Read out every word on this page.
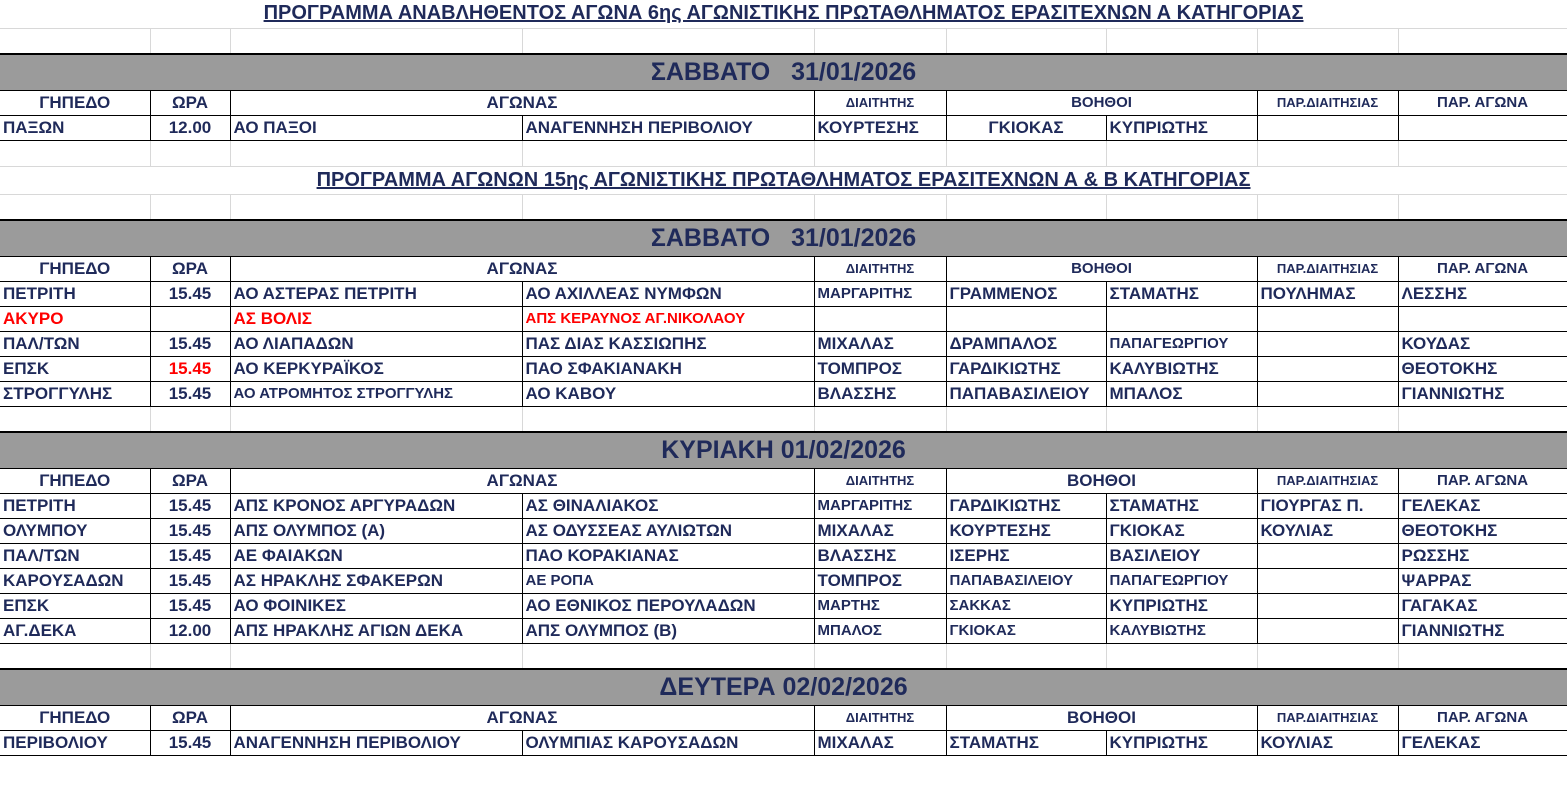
ΠΡΟΓΡΑΜΜΑ ΑΝΑΒΛΗΘΕΝΤΟΣ ΑΓΩΝΑ 6ης ΑΓΩΝΙΣΤΙΚΗΣ ΠΡΩΤΑΘΛΗΜΑΤΟΣ ΕΡΑΣΙΤΕΧΝΩΝ Α ΚΑΤΗΓΟΡΙΑΣ								

ΣΑΒΒΑΤΟ   31/01/2026								
ΓΗΠΕΔΟ	ΩΡΑ	ΑΓΩΝΑΣ		ΔΙΑΙΤΗΤΗΣ	ΒΟΗΘΟΙ		ΠΑΡ.ΔΙΑΙΤΗΣΙΑΣ	ΠΑΡ. ΑΓΩΝΑ
ΠΑΞΩΝ	12.00	ΑΟ ΠΑΞΟΙ	ΑΝΑΓΕΝΝΗΣΗ ΠΕΡΙΒΟΛΙΟΥ	ΚΟΥΡΤΕΣΗΣ	ΓΚΙΟΚΑΣ	ΚΥΠΡΙΩΤΗΣ		

ΠΡΟΓΡΑΜΜΑ ΑΓΩΝΩΝ 15ης ΑΓΩΝΙΣΤΙΚΗΣ ΠΡΩΤΑΘΛΗΜΑΤΟΣ ΕΡΑΣΙΤΕΧΝΩΝ Α & Β ΚΑΤΗΓΟΡΙΑΣ								

ΣΑΒΒΑΤΟ   31/01/2026								
ΓΗΠΕΔΟ	ΩΡΑ	ΑΓΩΝΑΣ		ΔΙΑΙΤΗΤΗΣ	ΒΟΗΘΟΙ		ΠΑΡ.ΔΙΑΙΤΗΣΙΑΣ	ΠΑΡ. ΑΓΩΝΑ
ΠΕΤΡΙΤΗ	15.45	ΑΟ ΑΣΤΕΡΑΣ ΠΕΤΡΙΤΗ	ΑΟ ΑΧΙΛΛΕΑΣ ΝΥΜΦΩΝ	ΜΑΡΓΑΡΙΤΗΣ	ΓΡΑΜΜΕΝΟΣ	ΣΤΑΜΑΤΗΣ	ΠΟΥΛΗΜΑΣ	ΛΕΣΣΗΣ
ΑΚΥΡΟ		ΑΣ ΒΟΛΙΣ	ΑΠΣ ΚΕΡΑΥΝΟΣ ΑΓ.ΝΙΚΟΛΑΟΥ					
ΠΑΛ/ΤΩΝ	15.45	ΑΟ ΛΙΑΠΑΔΩΝ	ΠΑΣ ΔΙΑΣ ΚΑΣΣΙΩΠΗΣ	ΜΙΧΑΛΑΣ	ΔΡΑΜΠΑΛΟΣ	ΠΑΠΑΓΕΩΡΓΙΟΥ		ΚΟΥΔΑΣ
ΕΠΣΚ	15.45	ΑΟ ΚΕΡΚΥΡΑΪΚΟΣ	ΠΑΟ ΣΦΑΚΙΑΝΑΚΗ	ΤΟΜΠΡΟΣ	ΓΑΡΔΙΚΙΩΤΗΣ	ΚΑΛΥΒΙΩΤΗΣ		ΘΕΟΤΟΚΗΣ
ΣΤΡΟΓΓΥΛΗΣ	15.45	ΑΟ ΑΤΡΟΜΗΤΟΣ ΣΤΡΟΓΓΥΛΗΣ	ΑΟ ΚΑΒΟΥ	ΒΛΑΣΣΗΣ	ΠΑΠΑΒΑΣΙΛΕΙΟΥ	ΜΠΑΛΟΣ		ΓΙΑΝΝΙΩΤΗΣ

ΚΥΡΙΑΚΗ 01/02/2026								
ΓΗΠΕΔΟ	ΩΡΑ	ΑΓΩΝΑΣ		ΔΙΑΙΤΗΤΗΣ	ΒΟΗΘΟΙ		ΠΑΡ.ΔΙΑΙΤΗΣΙΑΣ	ΠΑΡ. ΑΓΩΝΑ
ΠΕΤΡΙΤΗ	15.45	ΑΠΣ ΚΡΟΝΟΣ ΑΡΓΥΡΑΔΩΝ	ΑΣ ΘΙΝΑΛΙΑΚΟΣ	ΜΑΡΓΑΡΙΤΗΣ	ΓΑΡΔΙΚΙΩΤΗΣ	ΣΤΑΜΑΤΗΣ	ΓΙΟΥΡΓΑΣ Π.	ΓΕΛΕΚΑΣ
ΟΛΥΜΠΟΥ	15.45	ΑΠΣ ΟΛΥΜΠΟΣ (Α)	ΑΣ ΟΔΥΣΣΕΑΣ ΑΥΛΙΩΤΩΝ	ΜΙΧΑΛΑΣ	ΚΟΥΡΤΕΣΗΣ	ΓΚΙΟΚΑΣ	ΚΟΥΛΙΑΣ	ΘΕΟΤΟΚΗΣ
ΠΑΛ/ΤΩΝ	15.45	ΑΕ ΦΑΙΑΚΩΝ	ΠΑΟ ΚΟΡΑΚΙΑΝΑΣ	ΒΛΑΣΣΗΣ	ΙΣΕΡΗΣ	ΒΑΣΙΛΕΙΟΥ		ΡΩΣΣΗΣ
ΚΑΡΟΥΣΑΔΩΝ	15.45	ΑΣ ΗΡΑΚΛΗΣ ΣΦΑΚΕΡΩΝ	ΑΕ ΡΟΠΑ	ΤΟΜΠΡΟΣ	ΠΑΠΑΒΑΣΙΛΕΙΟΥ	ΠΑΠΑΓΕΩΡΓΙΟΥ		ΨΑΡΡΑΣ
ΕΠΣΚ	15.45	ΑΟ ΦΟΙΝΙΚΕΣ	ΑΟ ΕΘΝΙΚΟΣ ΠΕΡΟΥΛΑΔΩΝ	ΜΑΡΤΗΣ	ΣΑΚΚΑΣ	ΚΥΠΡΙΩΤΗΣ		ΓΑΓΑΚΑΣ
ΑΓ.ΔΕΚΑ	12.00	ΑΠΣ ΗΡΑΚΛΗΣ ΑΓΙΩΝ ΔΕΚΑ	ΑΠΣ ΟΛΥΜΠΟΣ (Β)	ΜΠΑΛΟΣ	ΓΚΙΟΚΑΣ	ΚΑΛΥΒΙΩΤΗΣ		ΓΙΑΝΝΙΩΤΗΣ

ΔΕΥΤΕΡΑ 02/02/2026								
ΓΗΠΕΔΟ	ΩΡΑ	ΑΓΩΝΑΣ		ΔΙΑΙΤΗΤΗΣ	ΒΟΗΘΟΙ		ΠΑΡ.ΔΙΑΙΤΗΣΙΑΣ	ΠΑΡ. ΑΓΩΝΑ
ΠΕΡΙΒΟΛΙΟΥ	15.45	ΑΝΑΓΕΝΝΗΣΗ ΠΕΡΙΒΟΛΙΟΥ	ΟΛΥΜΠΙΑΣ ΚΑΡΟΥΣΑΔΩΝ	ΜΙΧΑΛΑΣ	ΣΤΑΜΑΤΗΣ	ΚΥΠΡΙΩΤΗΣ	ΚΟΥΛΙΑΣ	ΓΕΛΕΚΑΣ
